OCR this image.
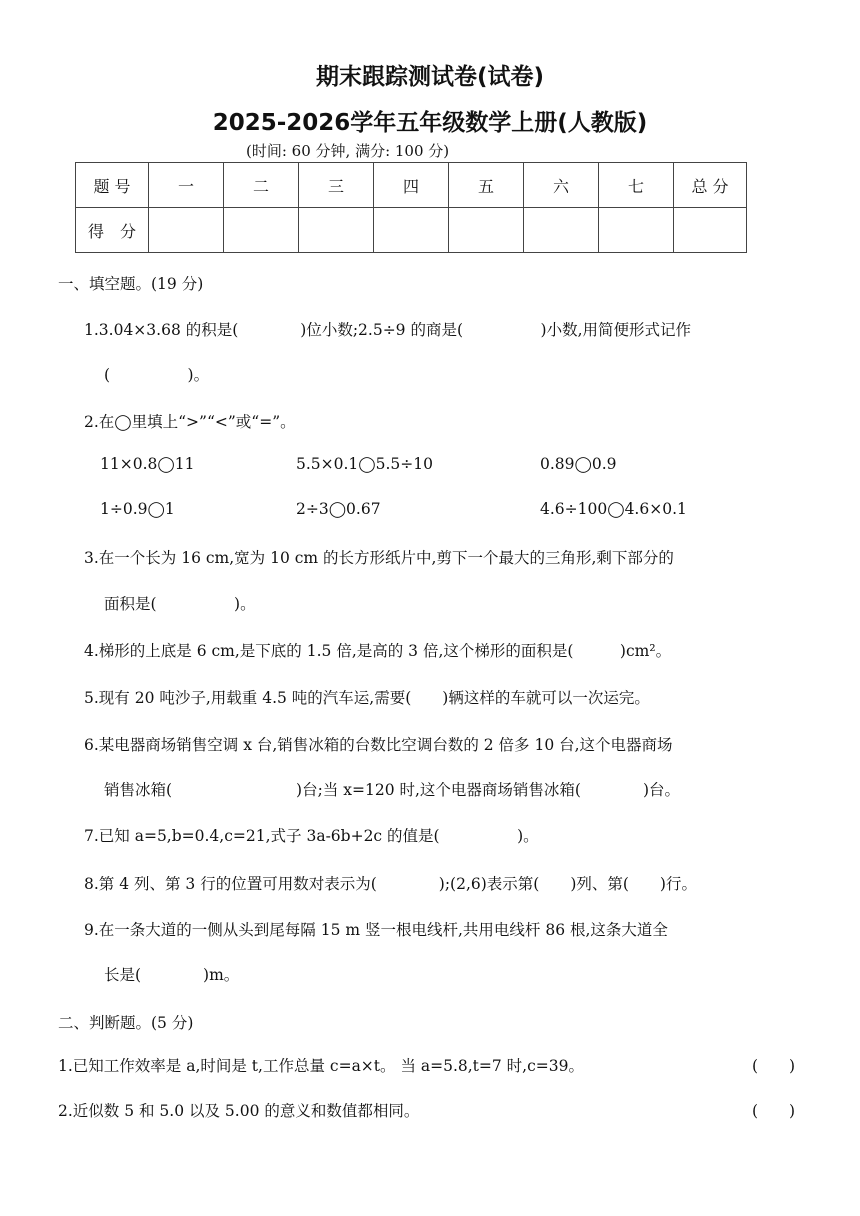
期末跟踪测试卷(试卷)
2025-2026学年五年级数学上册(人教版)
(时间: 60 分钟, 满分: 100 分)
题 号	一	二	三	四	五	六	七	总 分
得　分								
一、填空题。(19 分)
1.3.04×3.68 的积是(　　　　)位小数;2.5÷9 的商是(　　　　　)小数,用简便形式记作
(　　　　　)。
2.在◯里填上“>”“<”或“=”。
11×0.8◯11	5.5×0.1◯5.5÷10	0.89◯0.9
1÷0.9◯1	2÷3◯0.67	4.6÷100◯4.6×0.1
3.在一个长为 16 cm,宽为 10 cm 的长方形纸片中,剪下一个最大的三角形,剩下部分的
面积是(　　　　　)。
4.梯形的上底是 6 cm,是下底的 1.5 倍,是高的 3 倍,这个梯形的面积是(　　　)cm²。
5.现有 20 吨沙子,用载重 4.5 吨的汽车运,需要(　　)辆这样的车就可以一次运完。
6.某电器商场销售空调 x 台,销售冰箱的台数比空调台数的 2 倍多 10 台,这个电器商场
销售冰箱(　　　　　　　　)台;当 x=120 时,这个电器商场销售冰箱(　　　　)台。
7.已知 a=5,b=0.4,c=21,式子 3a-6b+2c 的值是(　　　　　)。
8.第 4 列、第 3 行的位置可用数对表示为(　　　　);(2,6)表示第(　　)列、第(　　)行。
9.在一条大道的一侧从头到尾每隔 15 m 竖一根电线杆,共用电线杆 86 根,这条大道全
长是(　　　　)m。
二、判断题。(5 分)
1.已知工作效率是 a,时间是 t,工作总量 c=a×t。 当 a=5.8,t=7 时,c=39。	(　　)
2.近似数 5 和 5.0 以及 5.00 的意义和数值都相同。	(　　)
